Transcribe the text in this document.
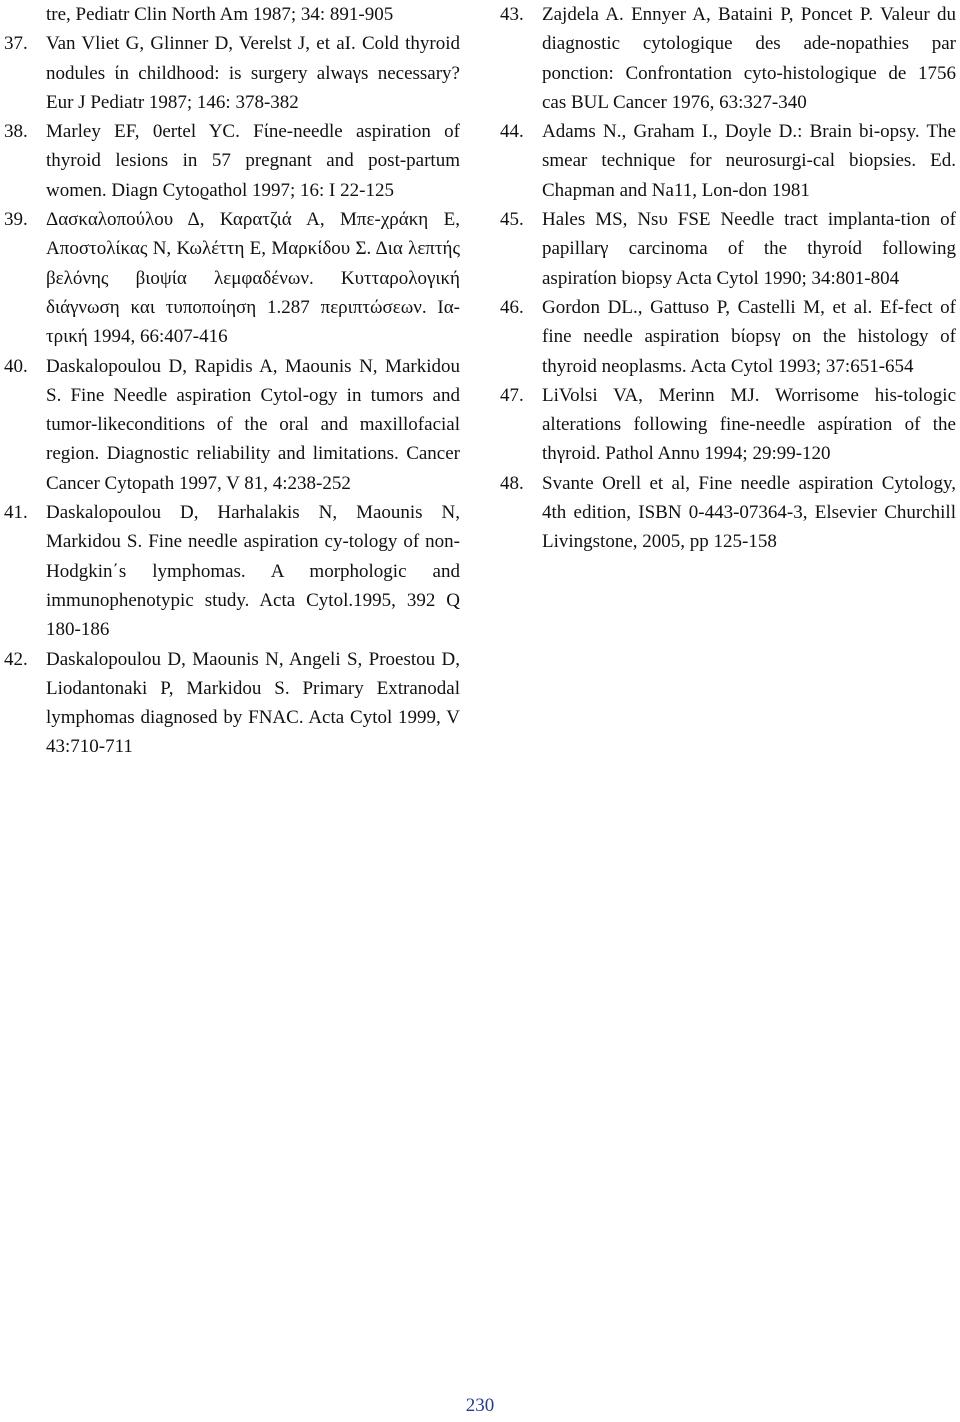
tre, Pediatr Clin North Am 1987; 34: 891-905
37. Van Vliet G, Glinner D, Verelst J, et aI. Cold thyroid nodules ίn childhood: is surgery alwaγs necessary? Eur J Pediatr 1987; 146: 378-382
38. Marley EF, 0ertel YC. Fίne-needle aspiration of thyroid lesions in 57 pregnant and post-partum women. Diagn Cytoϱathol 1997; 16: I 22-125
39. Δασκαλοπούλου Δ, Καρατζιά Α, Μπε-χράκη Ε, Αποστολίκας Ν, Κωλέττη Ε, Μαρκίδου Σ. Δια λεπτής βελόνης βιοψία λεμφαδένων. Κυτταρολογική διάγνωση και τυποποίηση 1.287 περιπτώσεων. Ια-τρική 1994, 66:407-416
40. Daskalopoulou D, Rapidis A, Maounis N, Markidou S. Fine Needle aspiration Cytol-ogy in tumors and tumor-likeconditions of the oral and maxillofacial region. Diagnostic reliability and limitations. Cancer Cancer Cytopath 1997, V 81, 4:238-252
41. Daskalopoulou D, Harhalakis N, Maounis N, Markidou S. Fine needle aspiration cy-tology of non-Hodgkin΄s lymphomas. A morphologic and immunophenotypic study. Acta Cytol.1995, 392 Q 180-186
42. Daskalopoulou D, Maounis N, Angeli S, Proestou D, Liodantonaki P, Markidou S. Primary Extranodal lymphomas diagnosed by FNAC. Acta Cytol 1999, V 43:710-711
43. Zajdela A. Ennyer A, Bataini P, Poncet P. Valeur du diagnostic cytologique des ade-nopathies par ponction: Confrontation cyto-histologique de 1756 cas BUL Cancer 1976, 63:327-340
44. Adams N., Graham I., Doyle D.: Brain bi-opsy. The smear technique for neurosurgi-cal biopsies. Ed. Chapman and Na11, Lon-don 1981
45. Hales MS, Nsυ FSE Needle tract implanta-tion of papillarγ carcinoma of the thyroίd following aspiratίon biopsy Acta Cytol 1990; 34:801-804
46. Gordon DL., Gattuso P, Castelli M, et al. Ef-fect of fine needle aspiration bίopsγ on the histology of thyroid neoplasms. Acta Cytol 1993; 37:651-654
47. LiVolsi VA, Merinn MJ. Worrisome his-tologic alterations following fine-needle aspίration of the thγroid. Pathol Annυ 1994; 29:99-120
48. Svante Orell et al, Fine needle aspiration Cytology, 4th edition, ISBN 0-443-07364-3, Elsevier Churchill Livingstone, 2005, pp 125-158
230
